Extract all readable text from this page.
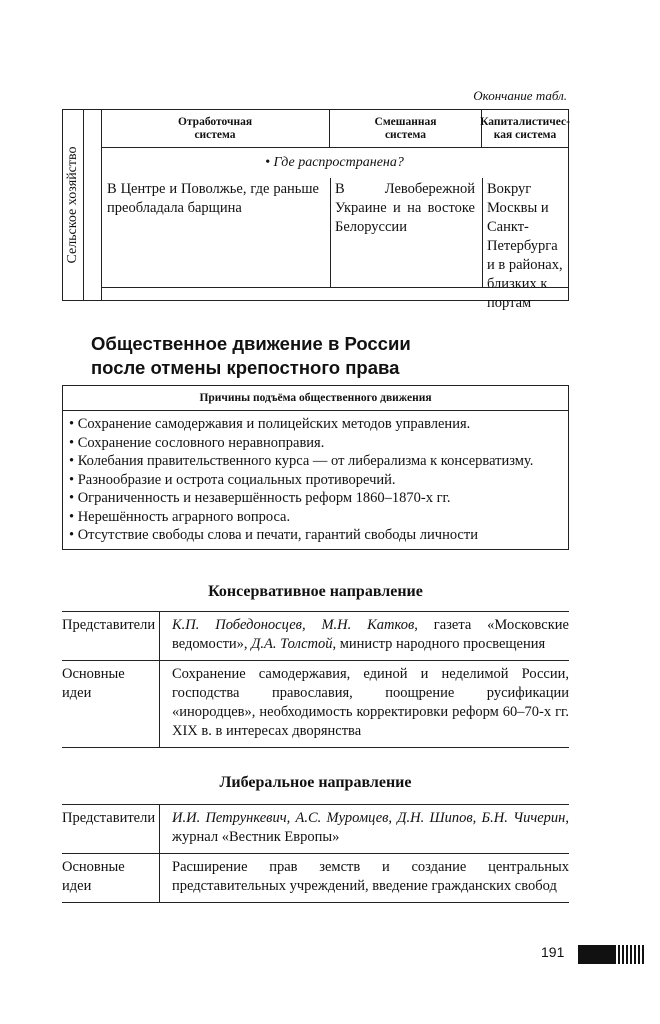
Окончание табл.
Сельское хозяйство
Отработочная
система
Смешанная
система
Капиталистичес-
кая система
• Где распространена?
В Центре и Поволжье, где раньше преобладала барщина
В Левобережной Украине и на востоке Белоруссии
Вокруг Москвы и Санкт-Петербурга и в районах, близких к портам
Общественное движение в России
после отмены крепостного права
Причины подъёма общественного движения
• Сохранение самодержавия и полицейских методов управления.
• Сохранение сословного неравноправия.
• Колебания правительственного курса — от либерализма к консерватизму.
• Разнообразие и острота социальных противоречий.
• Ограниченность и незавершённость реформ 1860–1870-х гг.
• Нерешённость аграрного вопроса.
• Отсутствие свободы слова и печати, гарантий свободы личности
Консервативное направление
Представители	К.П. Победоносцев, М.Н. Катков, газета «Московские ведомости», Д.А. Толстой, министр народного просвещения
Основные идеи
Сохранение самодержавия, единой и неделимой России, господства православия, поощрение русификации «инородцев», необходимость корректировки реформ 60–70-х гг. XIX в. в интересах дворянства
Либеральное направление
Представители	И.И. Петрункевич, А.С. Муромцев, Д.Н. Шипов, Б.Н. Чичерин, журнал «Вестник Европы»
Основные идеи
Расширение прав земств и создание центральных представительных учреждений, введение гражданских свобод
191
